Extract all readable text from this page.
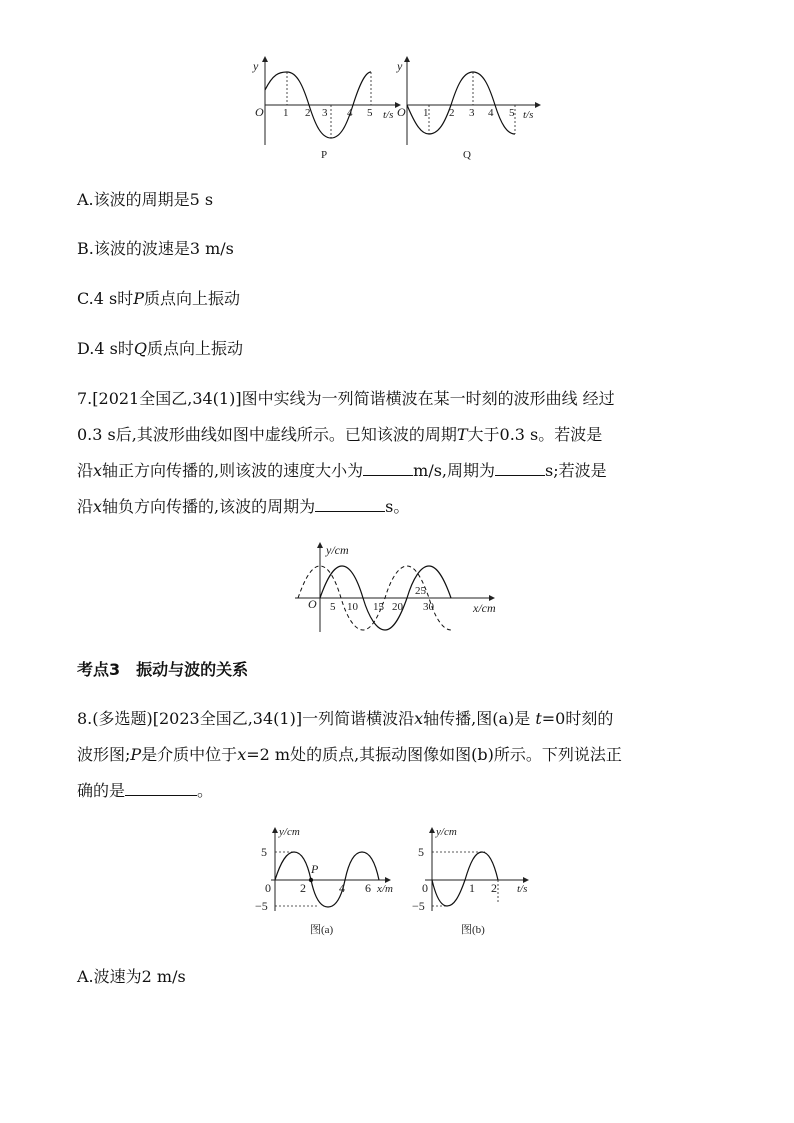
y
O 1 2 3 4 5 t/s
P
y
O 1 2 3 4 5 t/s
Q
A.该波的周期是5 s
B.该波的波速是3 m/s
C.4 s时P质点向上振动
D.4 s时Q质点向上振动
7.[2021全国乙,34(1)]图中实线为一列简谐横波在某一时刻的波形曲线 经过
0.3 s后,其波形曲线如图中虚线所示。已知该波的周期T大于0.3 s。若波是
沿x轴正方向传播的,则该波的速度大小为	m/s,周期为	s;若波是
沿x轴负方向传播的,该波的周期为	s。
O
y/cm
5 10 15 20
25
30	x/cm
考点3　振动与波的关系
8.(多选题)[2023全国乙,34(1)]一列简谐横波沿x轴传播,图(a)是 t=0时刻的
波形图;P是介质中位于x=2 m处的质点,其振动图像如图(b)所示。下列说法正
确的是	。
P
y/cm
5
−5
0 2	4 6 x/m
图(a)
y/cm
5
−5
0	1 2 t/s
图(b)
A.波速为2 m/s
